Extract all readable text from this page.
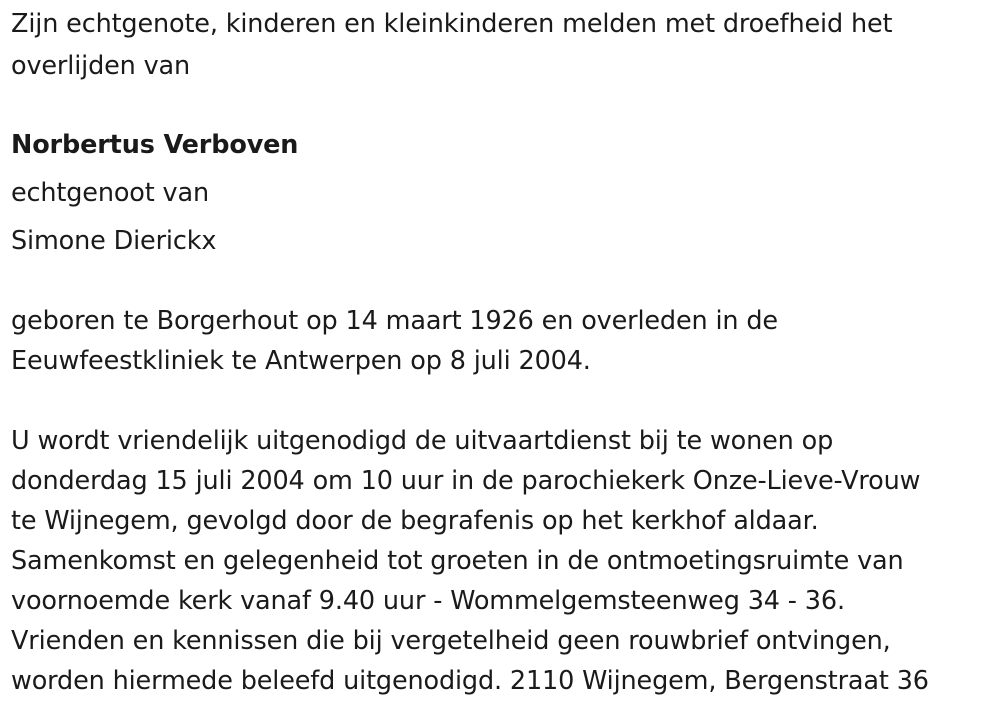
Zijn echtgenote, kinderen en kleinkinderen melden met droefheid het
overlijden van
Norbertus Verboven
echtgenoot van
Simone Dierickx
geboren te Borgerhout op 14 maart 1926 en overleden in de
Eeuwfeestkliniek te Antwerpen op 8 juli 2004.
U wordt vriendelijk uitgenodigd de uitvaartdienst bij te wonen op
donderdag 15 juli 2004 om 10 uur in de parochiekerk Onze-Lieve-Vrouw
te Wijnegem, gevolgd door de begrafenis op het kerkhof aldaar.
Samenkomst en gelegenheid tot groeten in de ontmoetingsruimte van
voornoemde kerk vanaf 9.40 uur - Wommelgemsteenweg 34 - 36.
Vrienden en kennissen die bij vergetelheid geen rouwbrief ontvingen,
worden hiermede beleefd uitgenodigd. 2110 Wijnegem, Bergenstraat 36
